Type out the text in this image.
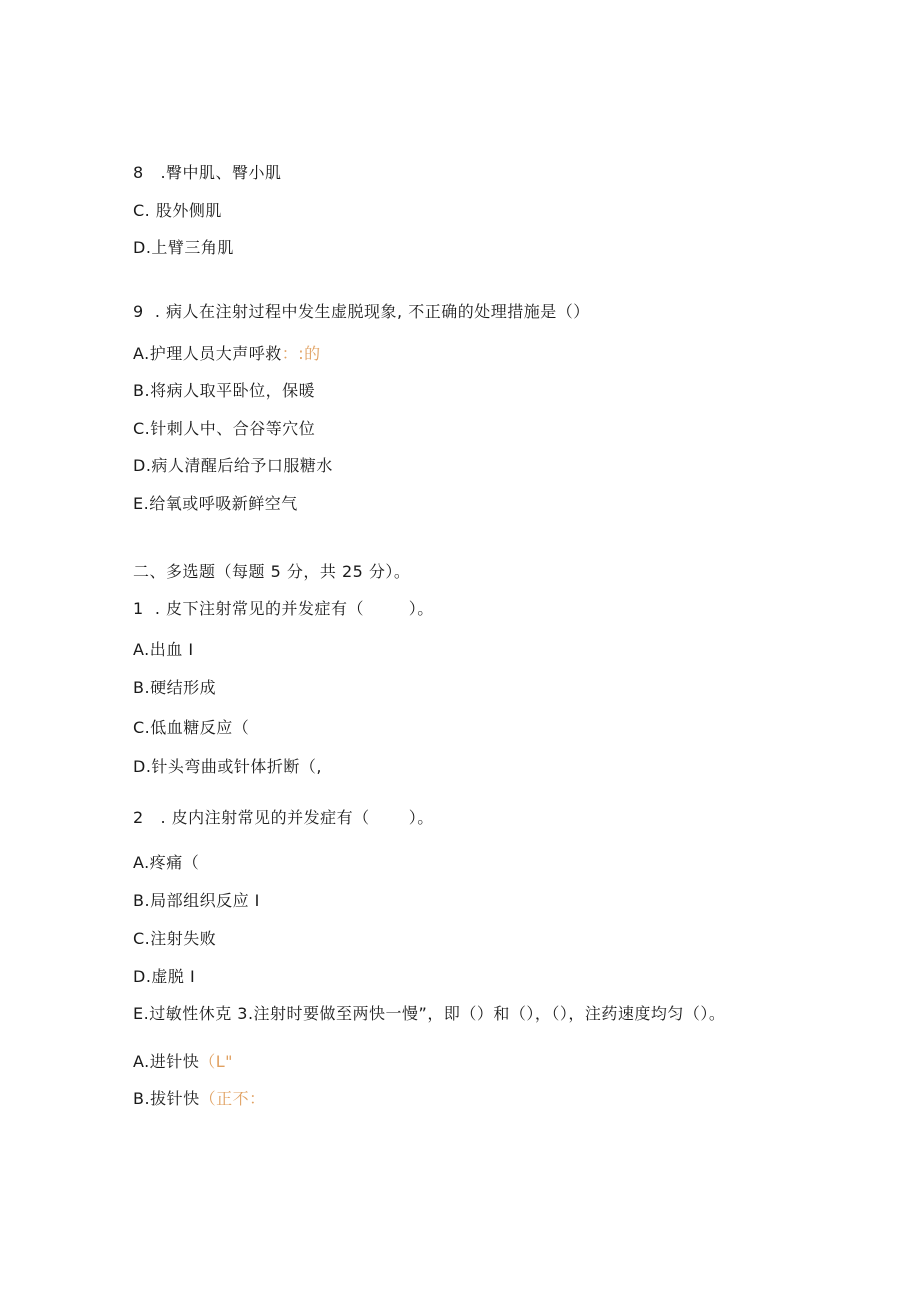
8   .臀中肌、臀小肌
C. 股外侧肌
D.上臂三角肌
9  . 病人在注射过程中发生虚脱现象, 不正确的处理措施是（）
A.护理人员大声呼救：:的
B.将病人取平卧位，保暖
C.针刺人中、合谷等穴位
D.病人清醒后给予口服糖水
E.给氧或呼吸新鲜空气
二、多选题（每题 5 分，共 25 分）。
1  . 皮下注射常见的并发症有（        ）。
A.出血 I
B.硬结形成
C.低血糖反应（
D.针头弯曲或针体折断（,
2   . 皮内注射常见的并发症有（       ）。
A.疼痛（
B.局部组织反应 I
C.注射失败
D.虚脱 I
E.过敏性休克 3.注射时要做至两快一慢”，即（）和（），（），注药速度均匀（）。
A.进针快（L"
B.拔针快（正不：
